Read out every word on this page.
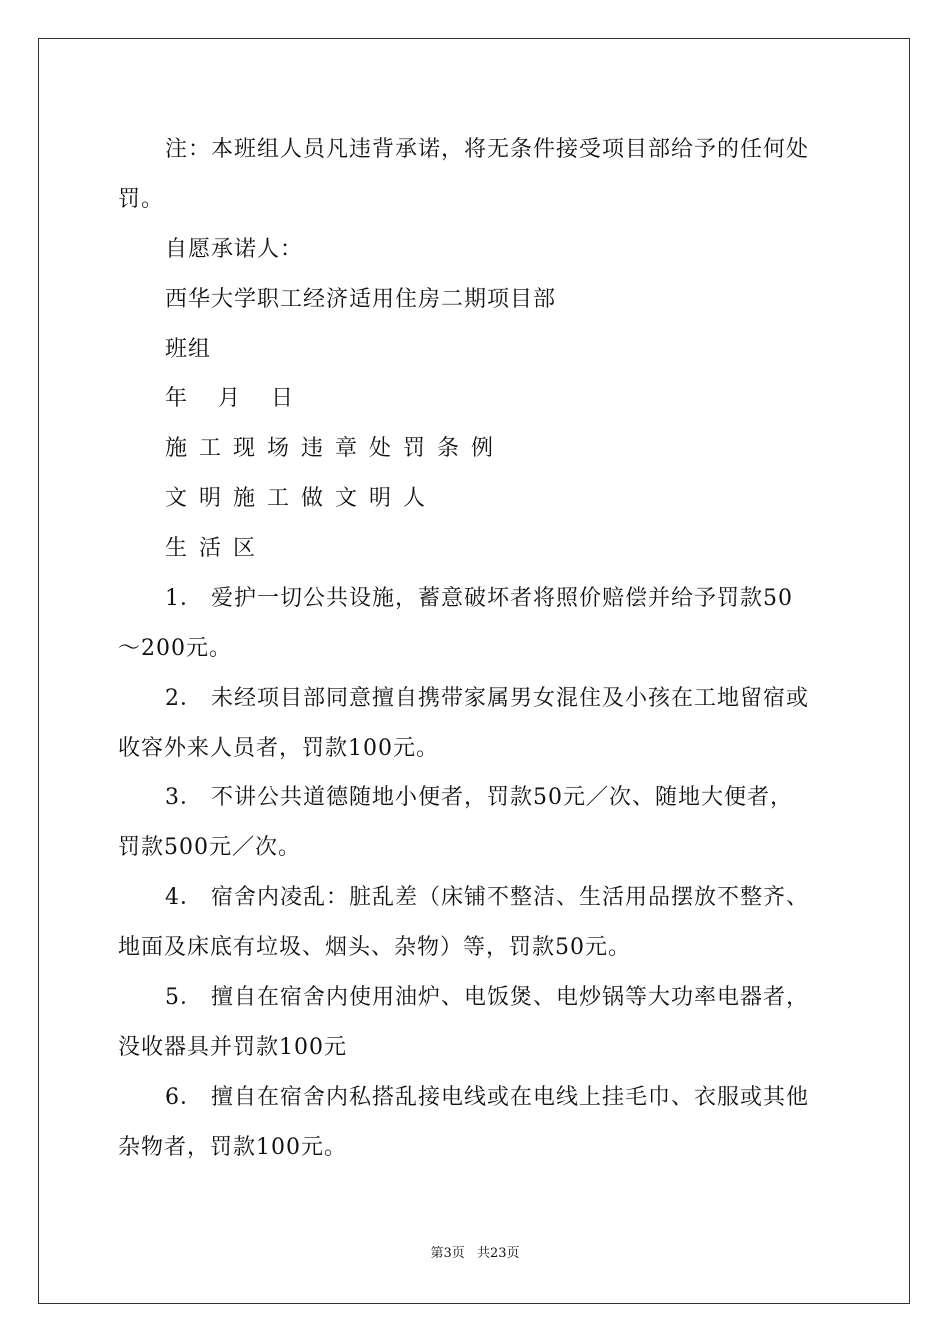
注：本班组人员凡违背承诺，将无条件接受项目部给予的任何处
罚。
自愿承诺人：
西华大学职工经济适用住房二期项目部
班组
年 月 日
施工现场违章处罚条例
文明施工做文明人
生活区
1． 爱护一切公共设施，蓄意破坏者将照价赔偿并给予罚款50
～200元。
2． 未经项目部同意擅自携带家属男女混住及小孩在工地留宿或
收容外来人员者，罚款100元。
3． 不讲公共道德随地小便者，罚款50元／次、随地大便者，
罚款500元／次。
4． 宿舍内凌乱：脏乱差（床铺不整洁、生活用品摆放不整齐、
地面及床底有垃圾、烟头、杂物）等，罚款50元。
5． 擅自在宿舍内使用油炉、电饭煲、电炒锅等大功率电器者，
没收器具并罚款100元
6． 擅自在宿舍内私搭乱接电线或在电线上挂毛巾、衣服或其他
杂物者，罚款100元。
第3页 共23页
